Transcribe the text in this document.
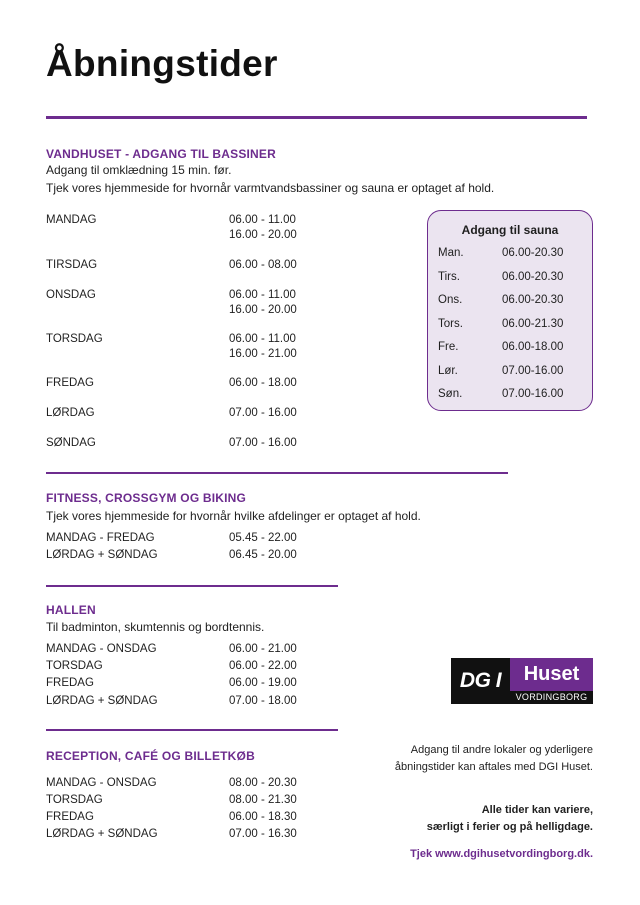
Åbningstider
VANDHUSET - ADGANG TIL BASSINER
Adgang til omklædning 15 min. før.
Tjek vores hjemmeside for hvornår varmtvandsbassiner og sauna er optaget af hold.
MANDAG	06.00 - 11.00
16.00 - 20.00
TIRSDAG	06.00 - 08.00
ONSDAG	06.00 - 11.00
16.00 - 20.00
TORSDAG	06.00 - 11.00
16.00 - 21.00
FREDAG	06.00 - 18.00
LØRDAG	07.00 - 16.00
SØNDAG	07.00 - 16.00
Adgang til sauna
Man.	06.00-20.30
Tirs.	06.00-20.30
Ons.	06.00-20.30
Tors.	06.00-21.30
Fre.	06.00-18.00
Lør.	07.00-16.00
Søn.	07.00-16.00
FITNESS, CROSSGYM OG BIKING
Tjek vores hjemmeside for hvornår hvilke afdelinger er optaget af hold.
MANDAG - FREDAG	05.45 - 22.00
LØRDAG + SØNDAG	06.45 - 20.00
HALLEN
Til badminton, skumtennis og bordtennis.
MANDAG - ONSDAG	06.00 - 21.00
TORSDAG	06.00 - 22.00
FREDAG	06.00 - 19.00
LØRDAG + SØNDAG	07.00 - 18.00
DG I	Huset
VORDINGBORG
RECEPTION, CAFÉ OG BILLETKØB
MANDAG - ONSDAG	08.00 - 20.30
TORSDAG	08.00 - 21.30
FREDAG	06.00 - 18.30
LØRDAG + SØNDAG	07.00 - 16.30
Adgang til andre lokaler og yderligere
åbningstider kan aftales med DGI Huset.
Alle tider kan variere,
særligt i ferier og på helligdage.
Tjek www.dgihusetvordingborg.dk.
